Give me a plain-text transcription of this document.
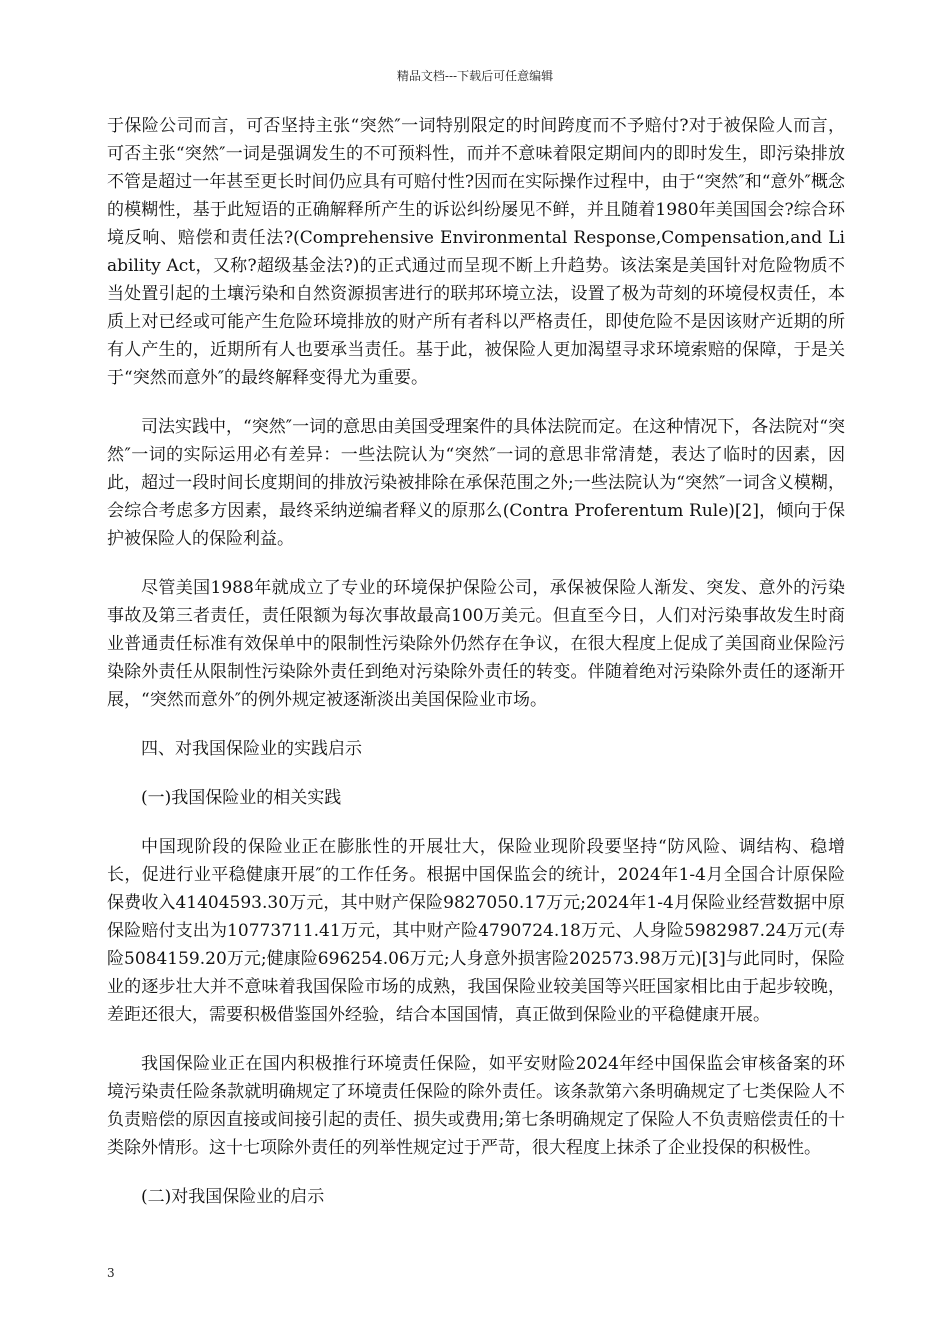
精品文档---下载后可任意编辑

于保险公司而言，可否坚持主张“突然″一词特别限定的时间跨度而不予赔付?对于被保险人而言，可否主张“突然″一词是强调发生的不可预料性，而并不意味着限定期间内的即时发生，即污染排放不管是超过一年甚至更长时间仍应具有可赔付性?因而在实际操作过程中，由于“突然″和“意外″概念的模糊性，基于此短语的正确解释所产生的诉讼纠纷屡见不鲜，并且随着1980年美国国会?综合环境反响、赔偿和责任法?(Comprehensive Environmental Response,Compensation,and Liability Act，又称?超级基金法?)的正式通过而呈现不断上升趋势。该法案是美国针对危险物质不当处置引起的土壤污染和自然资源损害进行的联邦环境立法，设置了极为苛刻的环境侵权责任，本质上对已经或可能产生危险环境排放的财产所有者科以严格责任，即使危险不是因该财产近期的所有人产生的，近期所有人也要承当责任。基于此，被保险人更加渴望寻求环境索赔的保障，于是关于“突然而意外″的最终解释变得尤为重要。

司法实践中，“突然″一词的意思由美国受理案件的具体法院而定。在这种情况下，各法院对“突然″一词的实际运用必有差异：一些法院认为“突然″一词的意思非常清楚，表达了临时的因素，因此，超过一段时间长度期间的排放污染被排除在承保范围之外;一些法院认为“突然″一词含义模糊，会综合考虑多方因素，最终采纳逆编者释义的原那么(Contra Proferentum Rule)[2]，倾向于保护被保险人的保险利益。

尽管美国1988年就成立了专业的环境保护保险公司，承保被保险人渐发、突发、意外的污染事故及第三者责任，责任限额为每次事故最高100万美元。但直至今日，人们对污染事故发生时商业普通责任标准有效保单中的限制性污染除外仍然存在争议，在很大程度上促成了美国商业保险污染除外责任从限制性污染除外责任到绝对污染除外责任的转变。伴随着绝对污染除外责任的逐渐开展，“突然而意外″的例外规定被逐渐淡出美国保险业市场。

四、对我国保险业的实践启示
(一)我国保险业的相关实践

中国现阶段的保险业正在膨胀性的开展壮大，保险业现阶段要坚持“防风险、调结构、稳增长，促进行业平稳健康开展″的工作任务。根据中国保监会的统计，2024年1-4月全国合计原保险保费收入41404593.30万元，其中财产保险9827050.17万元;2024年1-4月保险业经营数据中原保险赔付支出为10773711.41万元，其中财产险4790724.18万元、人身险5982987.24万元(寿险5084159.20万元;健康险696254.06万元;人身意外损害险202573.98万元)[3]与此同时，保险业的逐步壮大并不意味着我国保险市场的成熟，我国保险业较美国等兴旺国家相比由于起步较晚，差距还很大，需要积极借鉴国外经验，结合本国国情，真正做到保险业的平稳健康开展。

我国保险业正在国内积极推行环境责任保险，如平安财险2024年经中国保监会审核备案的环境污染责任险条款就明确规定了环境责任保险的除外责任。该条款第六条明确规定了七类保险人不负责赔偿的原因直接或间接引起的责任、损失或费用;第七条明确规定了保险人不负责赔偿责任的十类除外情形。这十七项除外责任的列举性规定过于严苛，很大程度上抹杀了企业投保的积极性。

(二)对我国保险业的启示
3
